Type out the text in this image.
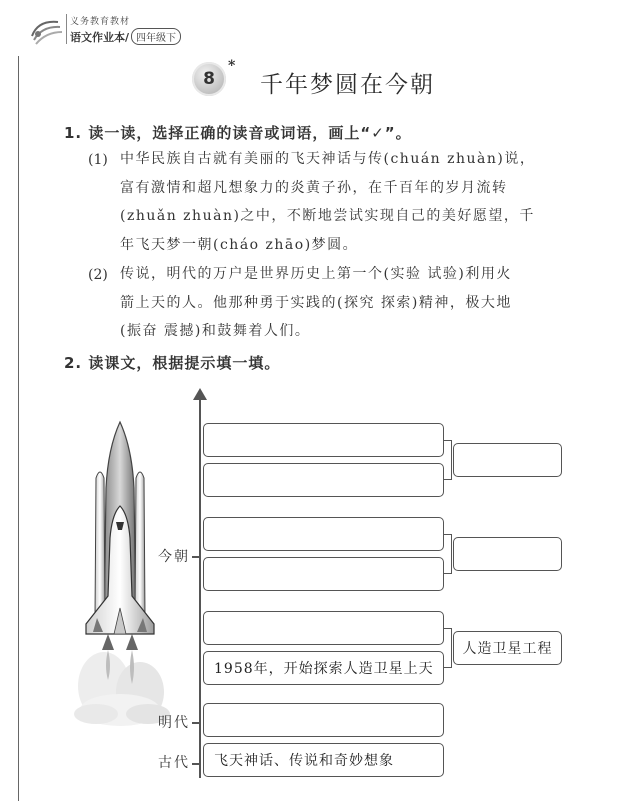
义务教育教材
语文作业本/ 四年级下
8
*
千年梦圆在今朝
1. 读一读，选择正确的读音或词语，画上“✓”。
(1) 中华民族自古就有美丽的飞天神话与传(chuán zhuàn)说，
富有激情和超凡想象力的炎黄子孙，在千百年的岁月流转
(zhuǎn zhuàn)之中，不断地尝试实现自己的美好愿望，千
年飞天梦一朝(cháo zhāo)梦圆。
(2) 传说，明代的万户是世界历史上第一个(实验 试验)利用火
箭上天的人。他那种勇于实践的(探究 探索)精神，极大地
(振奋 震撼)和鼓舞着人们。
2. 读课文，根据提示填一填。
今朝
明代
古代
1958年，开始探索人造卫星上天
飞天神话、传说和奇妙想象
人造卫星工程
